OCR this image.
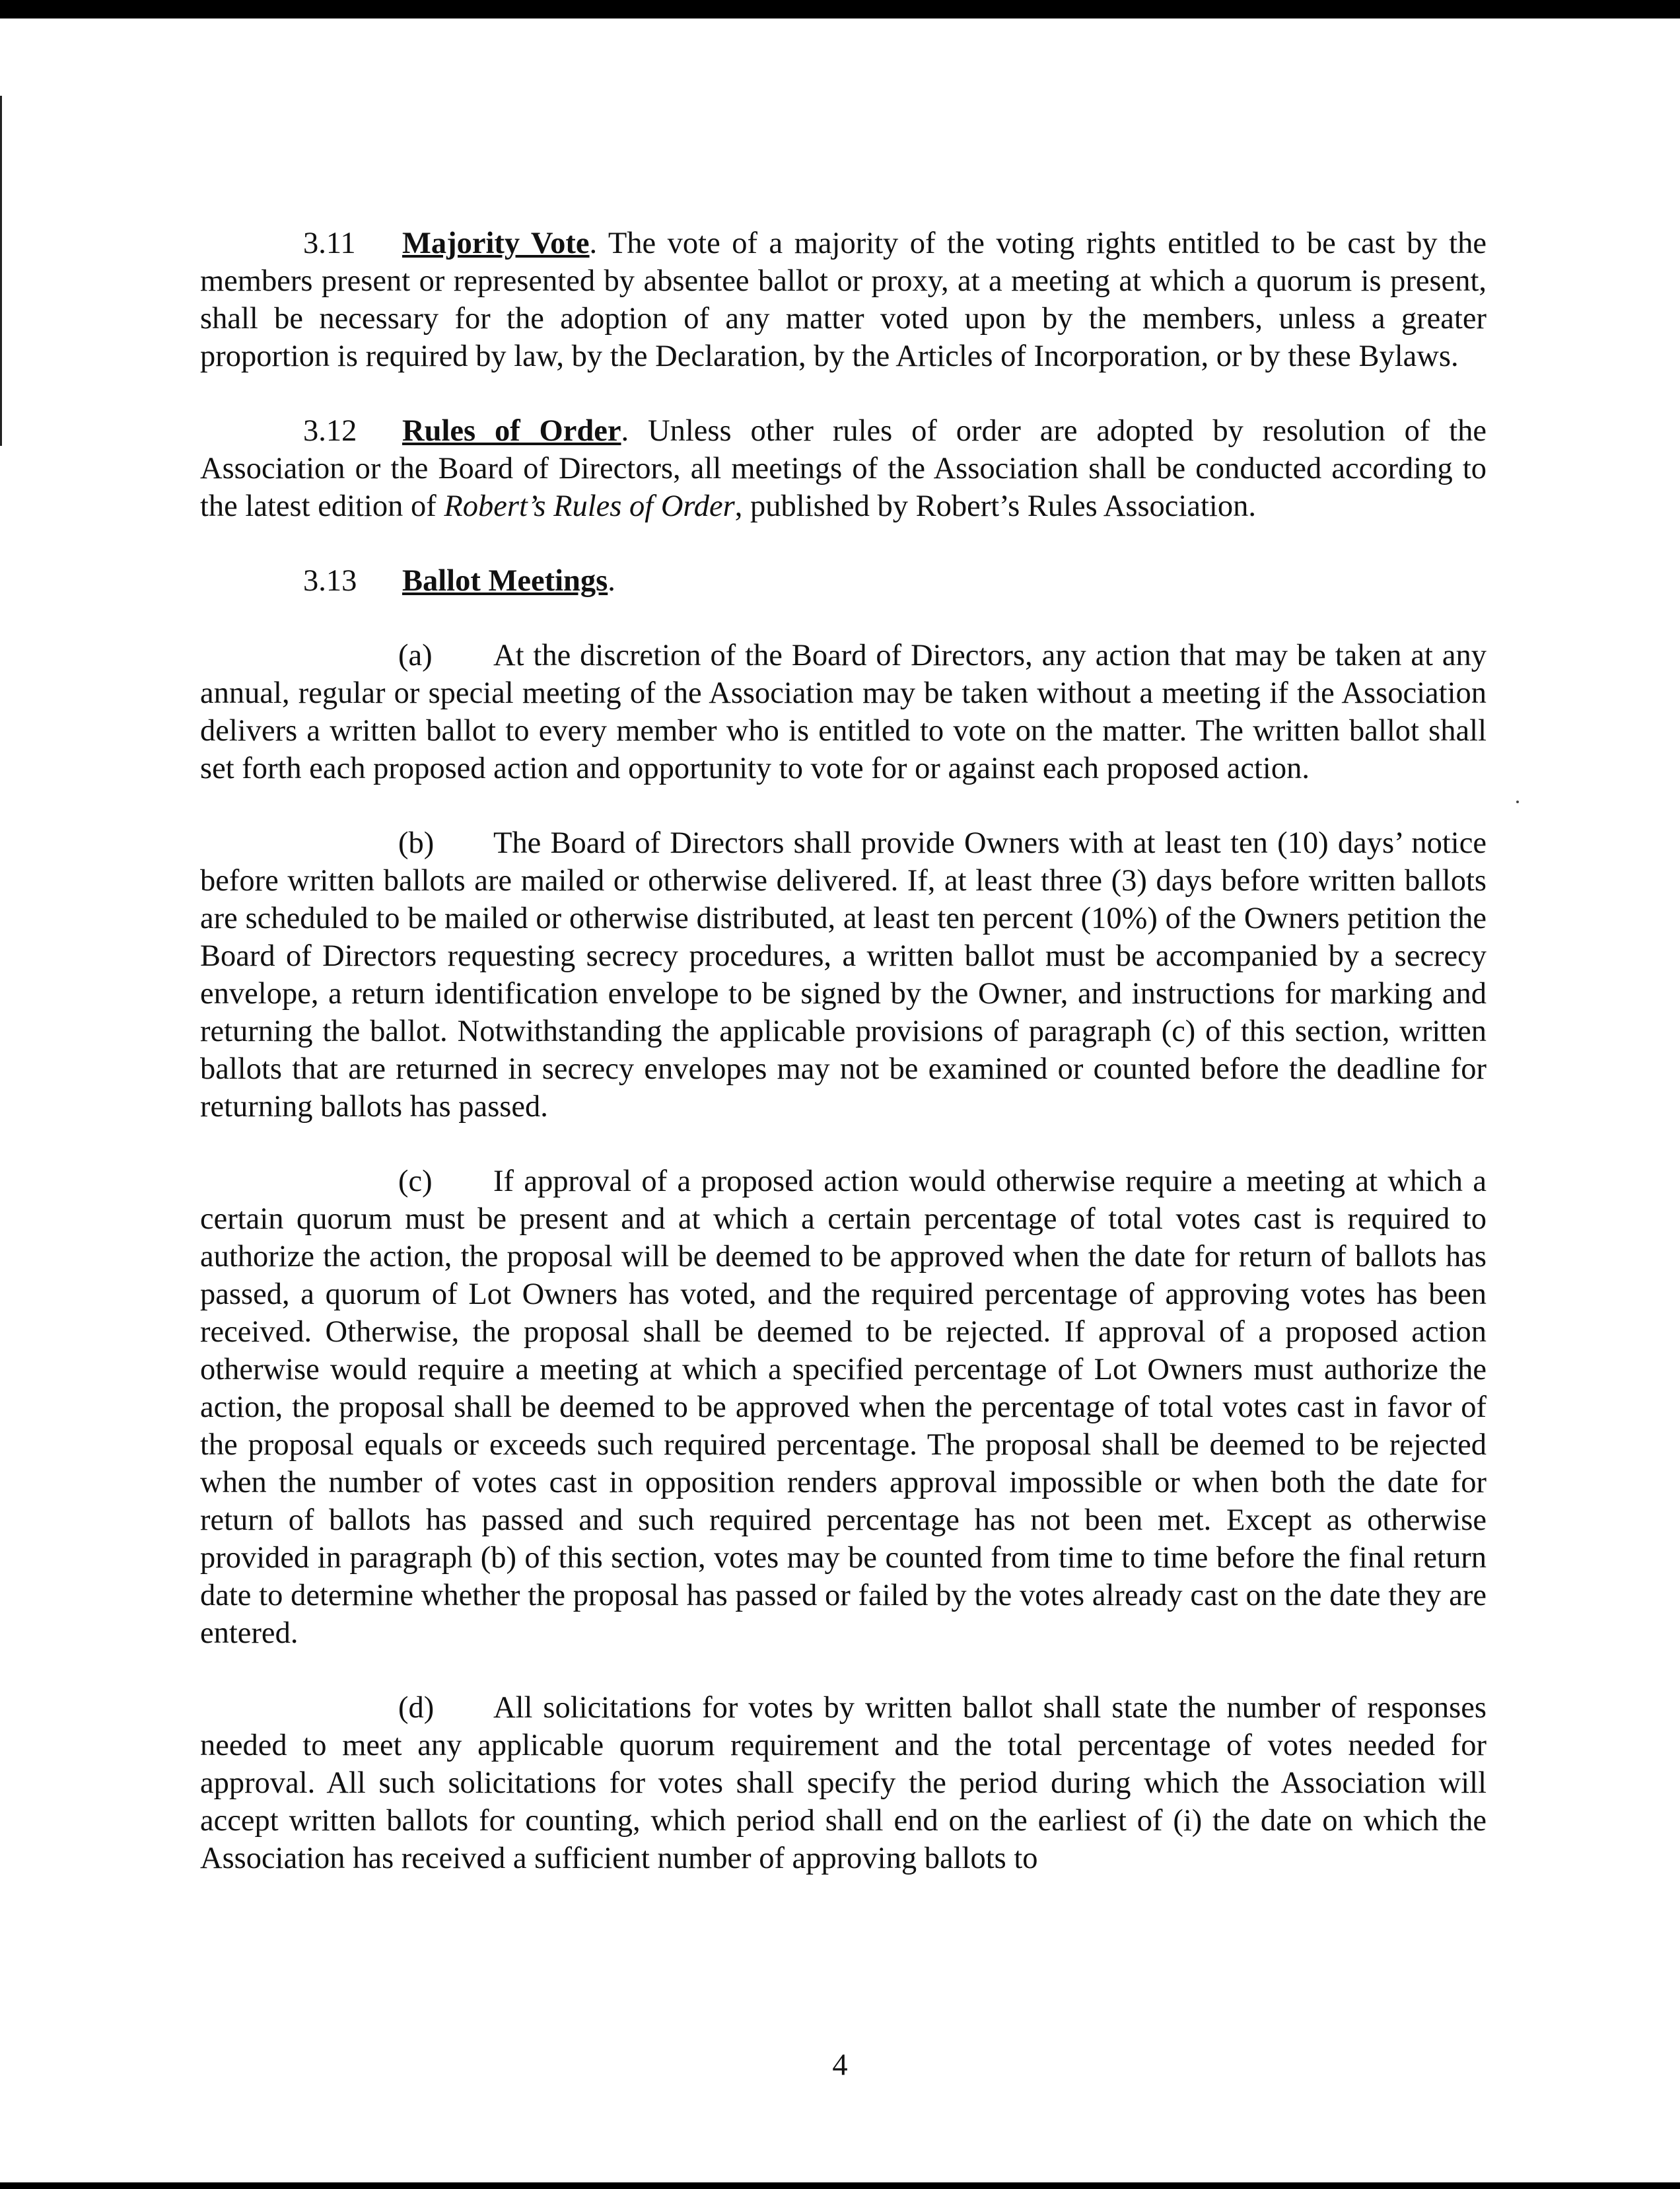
3.11 Majority Vote. The vote of a majority of the voting rights entitled to be cast by the members present or represented by absentee ballot or proxy, at a meeting at which a quorum is present, shall be necessary for the adoption of any matter voted upon by the members, unless a greater proportion is required by law, by the Declaration, by the Articles of Incorporation, or by these Bylaws.

3.12 Rules of Order. Unless other rules of order are adopted by resolution of the Association or the Board of Directors, all meetings of the Association shall be conducted according to the latest edition of Robert’s Rules of Order, published by Robert’s Rules Association.

3.13 Ballot Meetings.

(a) At the discretion of the Board of Directors, any action that may be taken at any annual, regular or special meeting of the Association may be taken without a meeting if the Association delivers a written ballot to every member who is entitled to vote on the matter. The written ballot shall set forth each proposed action and opportunity to vote for or against each proposed action.

(b) The Board of Directors shall provide Owners with at least ten (10) days’ notice before written ballots are mailed or otherwise delivered. If, at least three (3) days before written ballots are scheduled to be mailed or otherwise distributed, at least ten percent (10%) of the Owners petition the Board of Directors requesting secrecy procedures, a written ballot must be accompanied by a secrecy envelope, a return identification envelope to be signed by the Owner, and instructions for marking and returning the ballot. Notwithstanding the applicable provisions of paragraph (c) of this section, written ballots that are returned in secrecy envelopes may not be examined or counted before the deadline for returning ballots has passed.

(c) If approval of a proposed action would otherwise require a meeting at which a certain quorum must be present and at which a certain percentage of total votes cast is required to authorize the action, the proposal will be deemed to be approved when the date for return of ballots has passed, a quorum of Lot Owners has voted, and the required percentage of approving votes has been received. Otherwise, the proposal shall be deemed to be rejected. If approval of a proposed action otherwise would require a meeting at which a specified percentage of Lot Owners must authorize the action, the proposal shall be deemed to be approved when the percentage of total votes cast in favor of the proposal equals or exceeds such required percentage. The proposal shall be deemed to be rejected when the number of votes cast in opposition renders approval impossible or when both the date for return of ballots has passed and such required percentage has not been met. Except as otherwise provided in paragraph (b) of this section, votes may be counted from time to time before the final return date to determine whether the proposal has passed or failed by the votes already cast on the date they are entered.

(d) All solicitations for votes by written ballot shall state the number of responses needed to meet any applicable quorum requirement and the total percentage of votes needed for approval. All such solicitations for votes shall specify the period during which the Association will accept written ballots for counting, which period shall end on the earliest of (i) the date on which the Association has received a sufficient number of approving ballots to

4
